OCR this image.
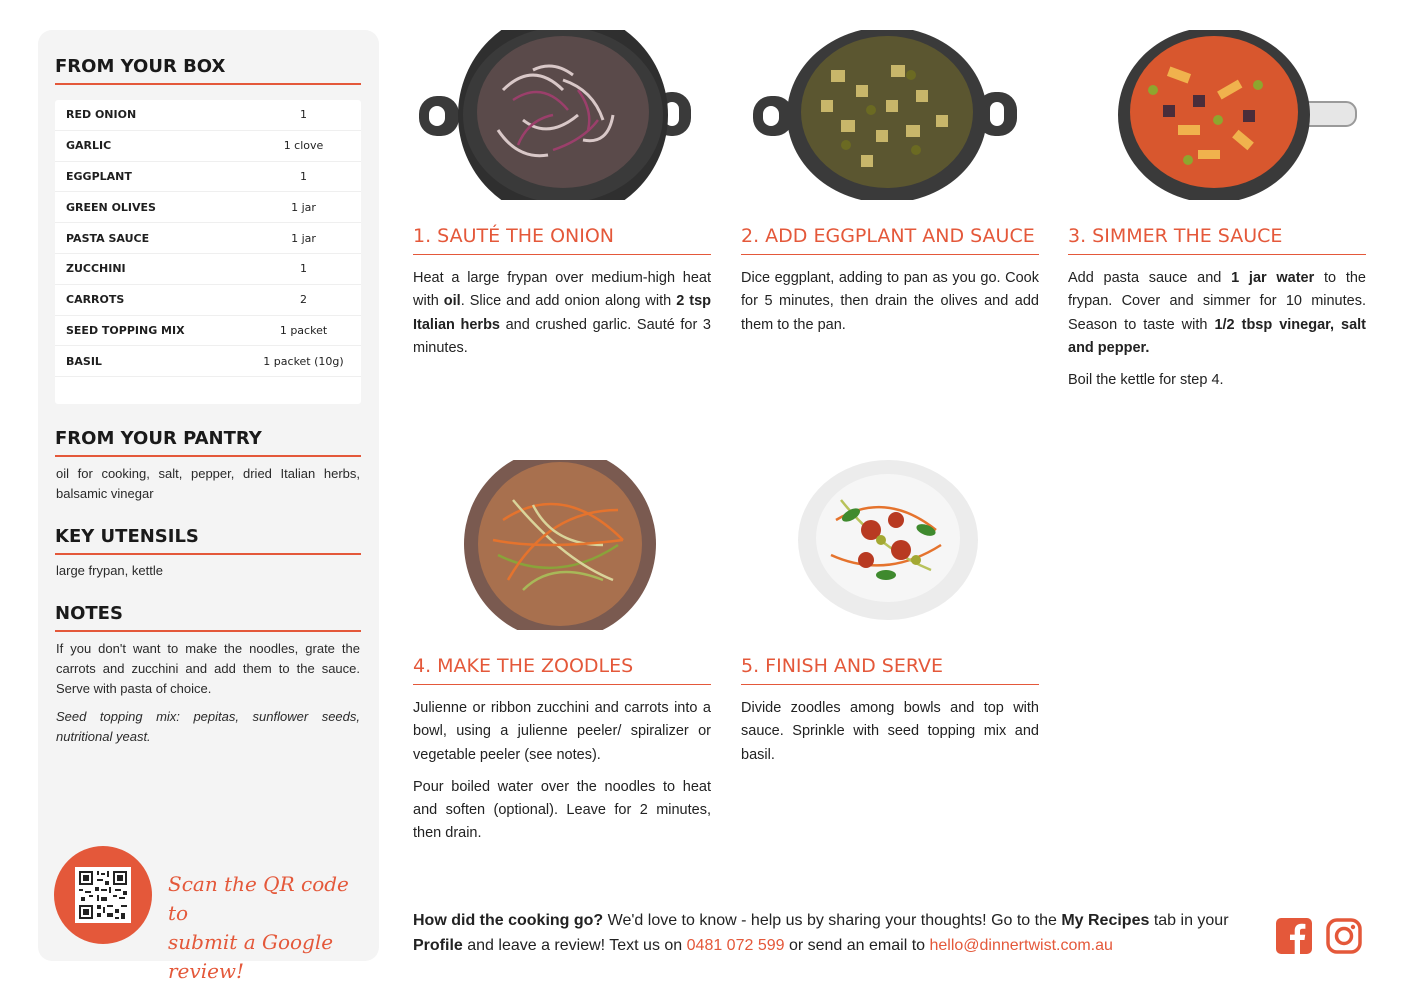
FROM YOUR BOX
RED ONION	1
GARLIC	1 clove
EGGPLANT	1
GREEN OLIVES	1 jar
PASTA SAUCE	1 jar
ZUCCHINI	1
CARROTS	2
SEED TOPPING MIX	1 packet
BASIL	1 packet (10g)
FROM YOUR PANTRY
oil for cooking, salt, pepper, dried Italian herbs, balsamic vinegar
KEY UTENSILS
large frypan, kettle
NOTES

If you don't want to make the noodles, grate the carrots and zucchini and add them to the sauce. Serve with pasta of choice.

Seed topping mix: pepitas, sunflower seeds, nutritional yeast.

Scan the QR code to
submit a Google review!
1. SAUTÉ THE ONION

Heat a large frypan over medium-high heat with oil. Slice and add onion along with 2 tsp Italian herbs and crushed garlic. Sauté for 3 minutes.

2. ADD EGGPLANT AND SAUCE

Dice eggplant, adding to pan as you go. Cook for 5 minutes, then drain the olives and add them to the pan.

3. SIMMER THE SAUCE

Add pasta sauce and 1 jar water to the frypan. Cover and simmer for 10 minutes. Season to taste with 1/2 tbsp vinegar, salt and pepper.

Boil the kettle for step 4.

4. MAKE THE ZOODLES

Julienne or ribbon zucchini and carrots into a bowl, using a julienne peeler/ spiralizer or vegetable peeler (see notes).

Pour boiled water over the noodles to heat and soften (optional). Leave for 2 minutes, then drain.

5. FINISH AND SERVE

Divide zoodles among bowls and top with sauce. Sprinkle with seed topping mix and basil.

How did the cooking go? We'd love to know - help us by sharing your thoughts! Go to the My Recipes tab in your Profile and leave a review! Text us on 0481 072 599 or send an email to hello@dinnertwist.com.au
